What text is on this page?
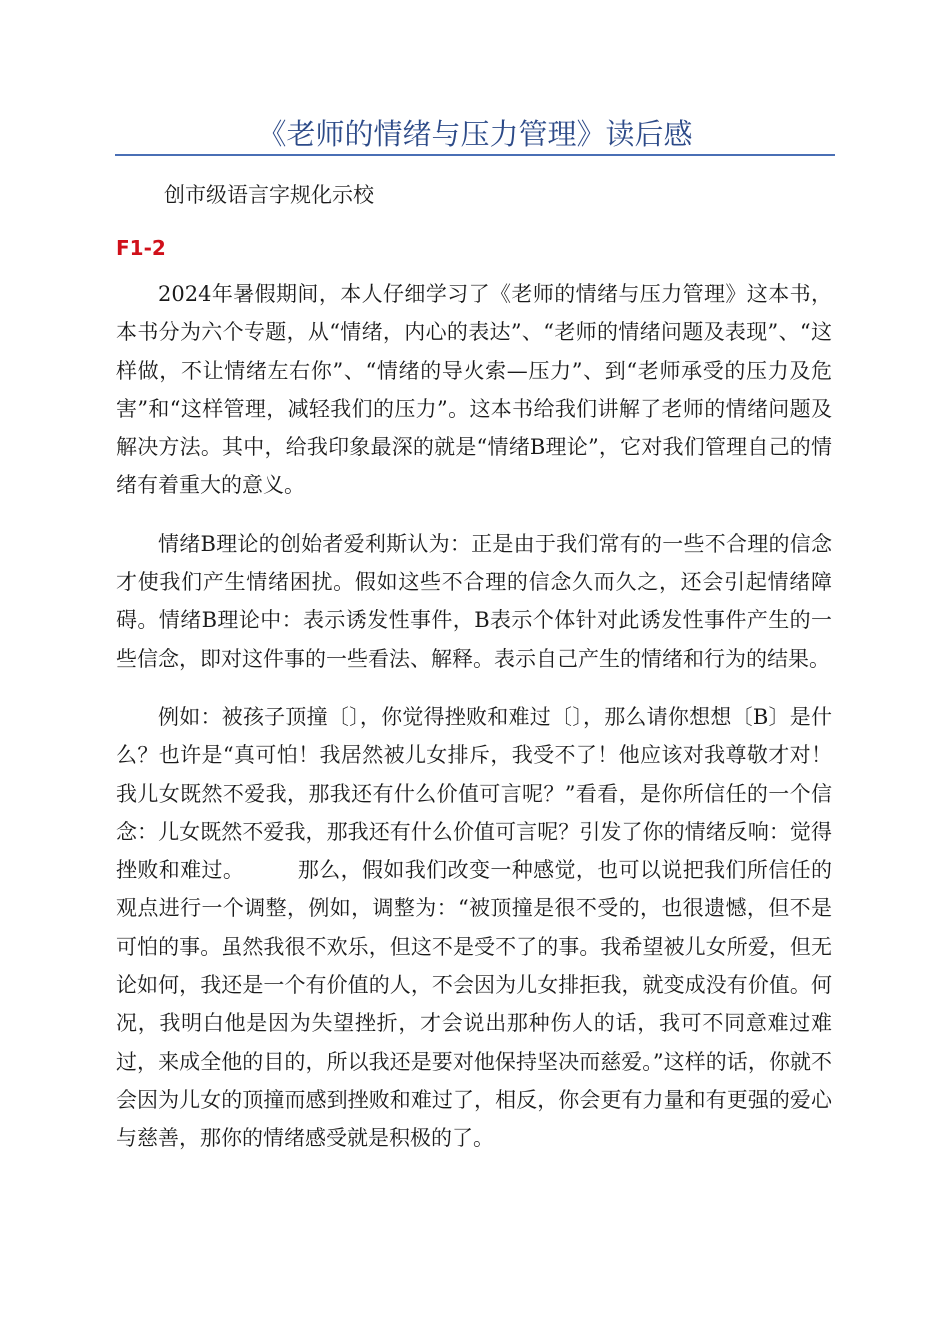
《老师的情绪与压力管理》读后感
创市级语言字规化示校
F1-2

2024年暑假期间，本人仔细学习了《老师的情绪与压力管理》这本书，本书分为六个专题，从“情绪，内心的表达”、“老师的情绪问题及表现”、“这样做，不让情绪左右你”、“情绪的导火索—压力”、到“老师承受的压力及危害”和“这样管理，减轻我们的压力”。这本书给我们讲解了老师的情绪问题及解决方法。其中，给我印象最深的就是“情绪B理论”，它对我们管理自己的情绪有着重大的意义。

情绪B理论的创始者爱利斯认为：正是由于我们常有的一些不合理的信念才使我们产生情绪困扰。假如这些不合理的信念久而久之，还会引起情绪障碍。情绪B理论中：表示诱发性事件，B表示个体针对此诱发性事件产生的一些信念，即对这件事的一些看法、解释。表示自己产生的情绪和行为的结果。

例如：被孩子顶撞〔〕，你觉得挫败和难过〔〕，那么请你想想〔B〕是什么？也许是“真可怕！我居然被儿女排斥，我受不了！他应该对我尊敬才对！我儿女既然不爱我，那我还有什么价值可言呢？”看看，是你所信任的一个信念：儿女既然不爱我，那我还有什么价值可言呢？引发了你的情绪反响：觉得挫败和难过。　　　那么，假如我们改变一种感觉，也可以说把我们所信任的观点进行一个调整，例如，调整为：“被顶撞是很不受的，也很遗憾，但不是可怕的事。虽然我很不欢乐，但这不是受不了的事。我希望被儿女所爱，但无论如何，我还是一个有价值的人，不会因为儿女排拒我，就变成没有价值。何况，我明白他是因为失望挫折，才会说出那种伤人的话，我可不同意难过难过，来成全他的目的，所以我还是要对他保持坚决而慈爱。”这样的话，你就不会因为儿女的顶撞而感到挫败和难过了，相反，你会更有力量和有更强的爱心与慈善，那你的情绪感受就是积极的了。
